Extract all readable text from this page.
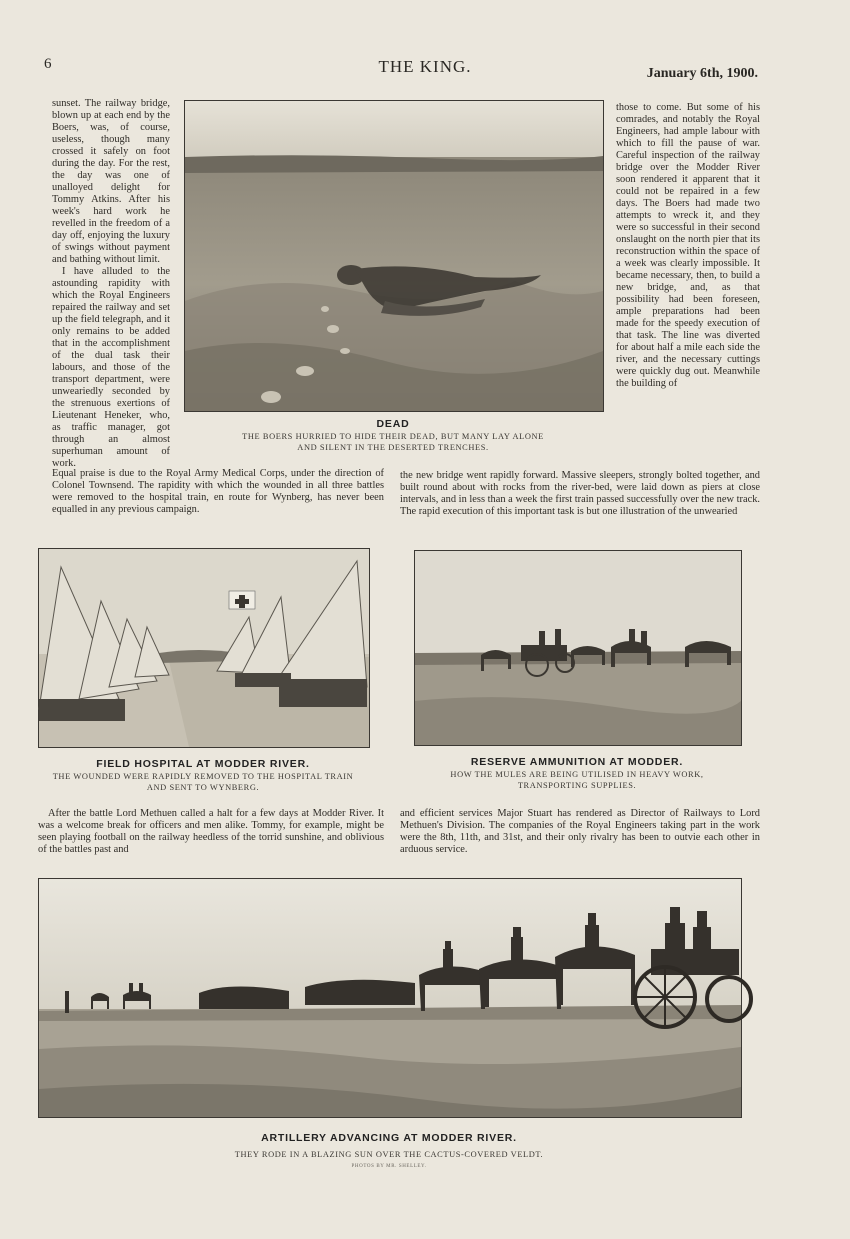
6	THE KING.	January 6th, 1900.

sunset. The railway bridge, blown up at each end by the Boers, was, of course, useless, though many crossed it safely on foot during the day. For the rest, the day was one of unalloyed delight for Tommy Atkins. After his week's hard work he revelled in the freedom of a day off, enjoying the luxury of swings without payment and bathing without limit.

I have alluded to the astounding rapidity with which the Royal Engineers repaired the railway and set up the field telegraph, and it only remains to be added that in the accomplishment of the dual task their labours, and those of the transport department, were unweariedly seconded by the strenuous exertions of Lieutenant Heneker, who, as traffic manager, got through an almost superhuman amount of work.

DEAD
THE BOERS HURRIED TO HIDE THEIR DEAD, BUT MANY LAY ALONE
AND SILENT IN THE DESERTED TRENCHES.

those to come. But some of his comrades, and notably the Royal Engineers, had ample labour with which to fill the pause of war. Careful inspection of the railway bridge over the Modder River soon rendered it apparent that it could not be repaired in a few days. The Boers had made two attempts to wreck it, and they were so successful in their second onslaught on the north pier that its reconstruction within the space of a week was clearly impossible. It became necessary, then, to build a new bridge, and, as that possibility had been foreseen, ample preparations had been made for the speedy execution of that task. The line was diverted for about half a mile each side the river, and the necessary cuttings were quickly dug out. Meanwhile the building of

Equal praise is due to the Royal Army Medical Corps, under the direction of Colonel Townsend. The rapidity with which the wounded in all three battles were removed to the hospital train, en route for Wynberg, has never been equalled in any previous campaign.

the new bridge went rapidly forward. Massive sleepers, strongly bolted together, and built round about with rocks from the river-bed, were laid down as piers at close intervals, and in less than a week the first train passed successfully over the new track. The rapid execution of this important task is but one illustration of the unwearied

FIELD HOSPITAL AT MODDER RIVER.
THE WOUNDED WERE RAPIDLY REMOVED TO THE HOSPITAL TRAIN
AND SENT TO WYNBERG.
RESERVE AMMUNITION AT MODDER.
HOW THE MULES ARE BEING UTILISED IN HEAVY WORK,
TRANSPORTING SUPPLIES.

After the battle Lord Methuen called a halt for a few days at Modder River. It was a welcome break for officers and men alike. Tommy, for example, might be seen playing football on the railway heedless of the torrid sunshine, and oblivious of the battles past and

and efficient services Major Stuart has rendered as Director of Railways to Lord Methuen's Division. The companies of the Royal Engineers taking part in the work were the 8th, 11th, and 31st, and their only rivalry has been to outvie each other in arduous service.

ARTILLERY ADVANCING AT MODDER RIVER.
THEY RODE IN A BLAZING SUN OVER THE CACTUS-COVERED VELDT.
PHOTOS BY MR. SHELLEY.
